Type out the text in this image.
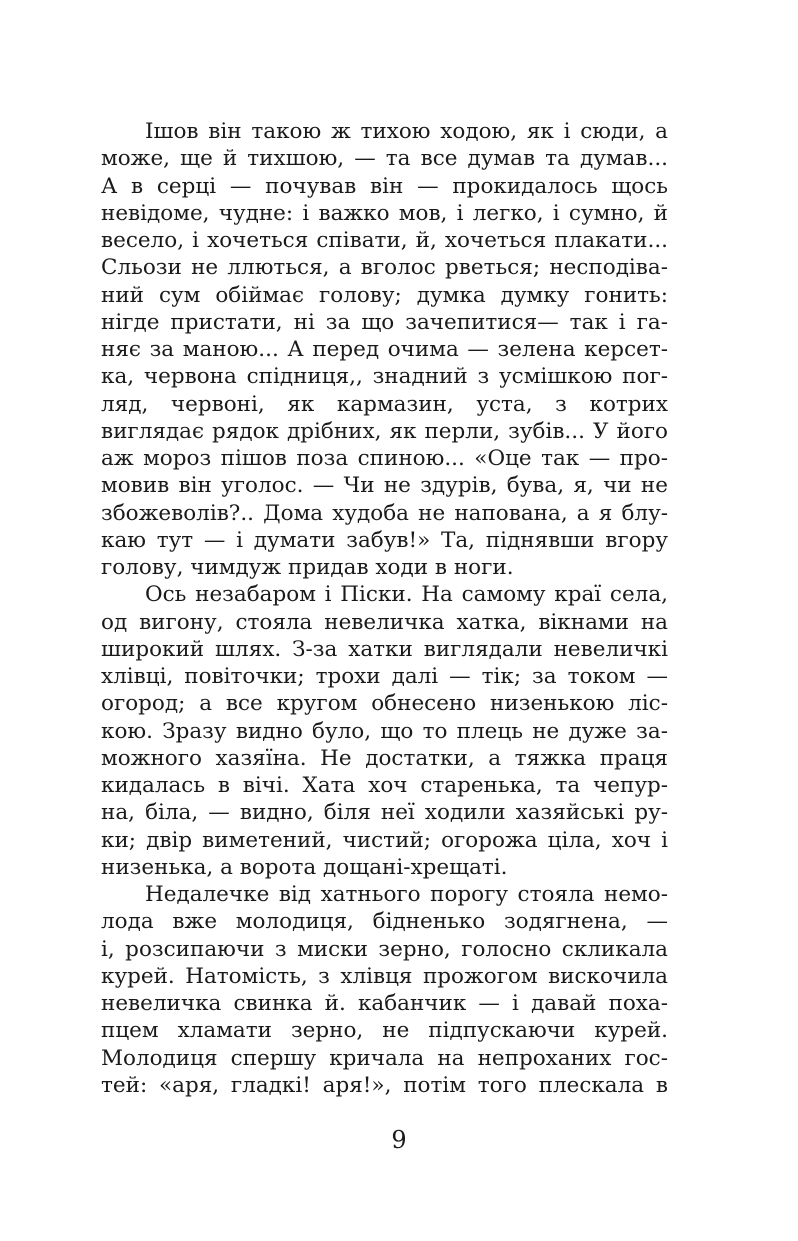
Ішов він такою ж тихою ходою, як і сюди, а
може, ще й тихшою, — та все думав та думав...
А в серці — почував він — прокидалось щось
невідоме, чудне: і важко мов, і легко, і сумно, й
весело, і хочеться співати, й, хочеться плакати...
Сльози не ллються, а вголос рветься; несподіва-
ний сум обіймає голову; думка думку гонить:
нігде пристати, ні за що зачепитися— так і га-
няє за маною... А перед очима — зелена керсет-
ка, червона спідниця,, знадний з усмішкою пог-
ляд, червоні, як кармазин, уста, з котрих
виглядає рядок дрібних, як перли, зубів... У його
аж мороз пішов поза спиною... «Оце так — про-
мовив він уголос. — Чи не здурів, бува, я, чи не
збожеволів?.. Дома худоба не напована, а я блу-
каю тут — і думати забув!» Та, піднявши вгору
голову, чимдуж придав ходи в ноги.
Ось незабаром і Піски. На самому краї села,
од вигону, стояла невеличка хатка, вікнами на
широкий шлях. З-за хатки виглядали невеличкі
хлівці, повіточки; трохи далі — тік; за током —
огород; а все кругом обнесено низенькою ліс-
кою. Зразу видно було, що то плець не дуже за-
можного хазяїна. Не достатки, а тяжка праця
кидалась в вічі. Хата хоч старенька, та чепур-
на, біла, — видно, біля неї ходили хазяйські ру-
ки; двір виметений, чистий; огорожа ціла, хоч і
низенька, а ворота дощані-хрещаті.
Недалечке від хатнього порогу стояла немо-
лода вже молодиця, бідненько зодягнена, —
і, розсипаючи з миски зерно, голосно скликала
курей. Натомість, з хлівця прожогом вискочила
невеличка свинка й. кабанчик — і давай поха-
пцем хламати зерно, не підпускаючи курей.
Молодиця спершу кричала на непроханих гос-
тей: «аря, гладкі! аря!», потім того плескала в
9
